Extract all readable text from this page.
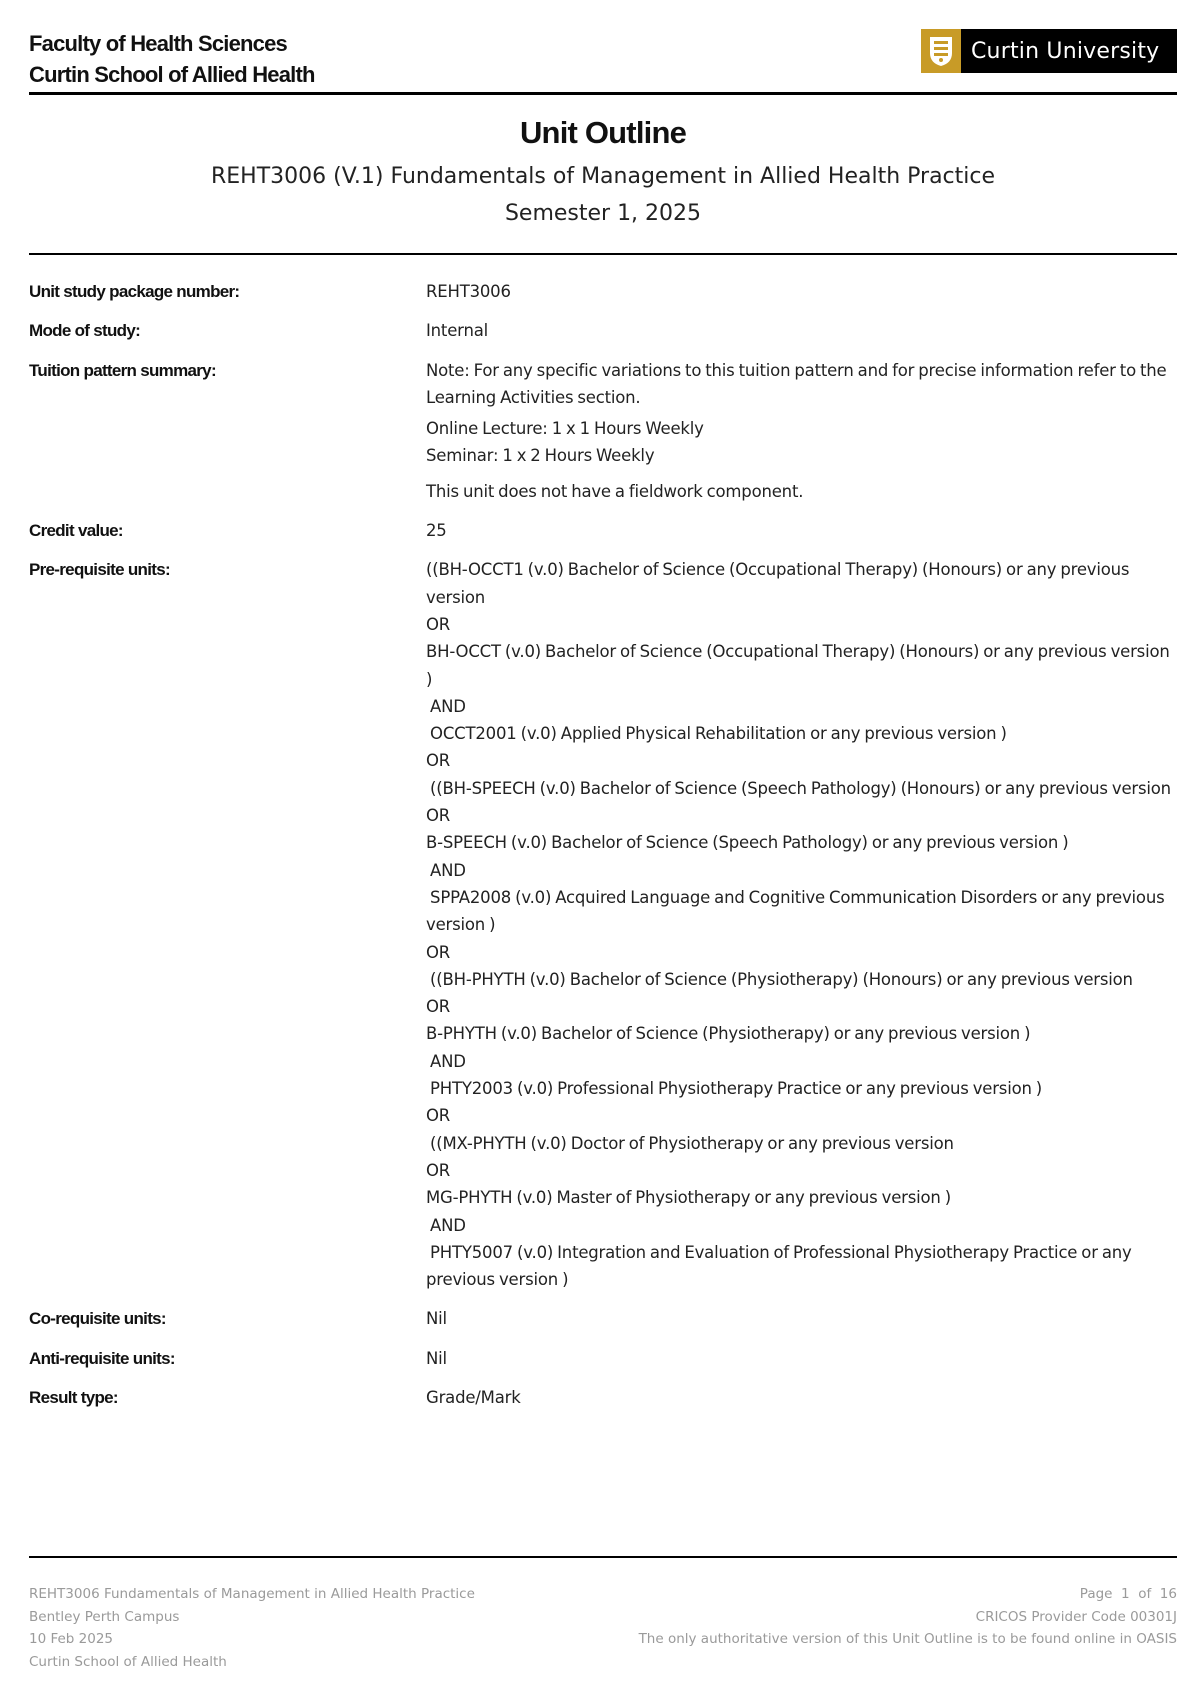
Faculty of Health Sciences
Curtin School of Allied Health
Curtin University
Unit Outline
REHT3006 (V.1) Fundamentals of Management in Allied Health Practice
Semester 1, 2025
Unit study package number:	REHT3006
Mode of study:	Internal
Tuition pattern summary:	Note: For any specific variations to this tuition pattern and for precise information refer to the Learning Activities section.
Online Lecture: 1 x 1 Hours Weekly
Seminar: 1 x 2 Hours Weekly
This unit does not have a fieldwork component.
Credit value:	25
Pre-requisite units:	((BH-OCCT1 (v.0) Bachelor of Science (Occupational Therapy) (Honours) or any previous version
OR
BH-OCCT (v.0) Bachelor of Science (Occupational Therapy) (Honours) or any previous version )
AND
OCCT2001 (v.0) Applied Physical Rehabilitation or any previous version )
OR
((BH-SPEECH (v.0) Bachelor of Science (Speech Pathology) (Honours) or any previous version
OR
B-SPEECH (v.0) Bachelor of Science (Speech Pathology) or any previous version )
AND
SPPA2008 (v.0) Acquired Language and Cognitive Communication Disorders or any previous version )
OR
((BH-PHYTH (v.0) Bachelor of Science (Physiotherapy) (Honours) or any previous version
OR
B-PHYTH (v.0) Bachelor of Science (Physiotherapy) or any previous version )
AND
PHTY2003 (v.0) Professional Physiotherapy Practice or any previous version )
OR
((MX-PHYTH (v.0) Doctor of Physiotherapy or any previous version
OR
MG-PHYTH (v.0) Master of Physiotherapy or any previous version )
AND
PHTY5007 (v.0) Integration and Evaluation of Professional Physiotherapy Practice or any previous version )
Co-requisite units:	Nil
Anti-requisite units:	Nil
Result type:	Grade/Mark
REHT3006 Fundamentals of Management in Allied Health Practice
Bentley Perth Campus
10 Feb 2025
Curtin School of Allied Health
Page  1  of  16
CRICOS Provider Code 00301J
The only authoritative version of this Unit Outline is to be found online in OASIS
